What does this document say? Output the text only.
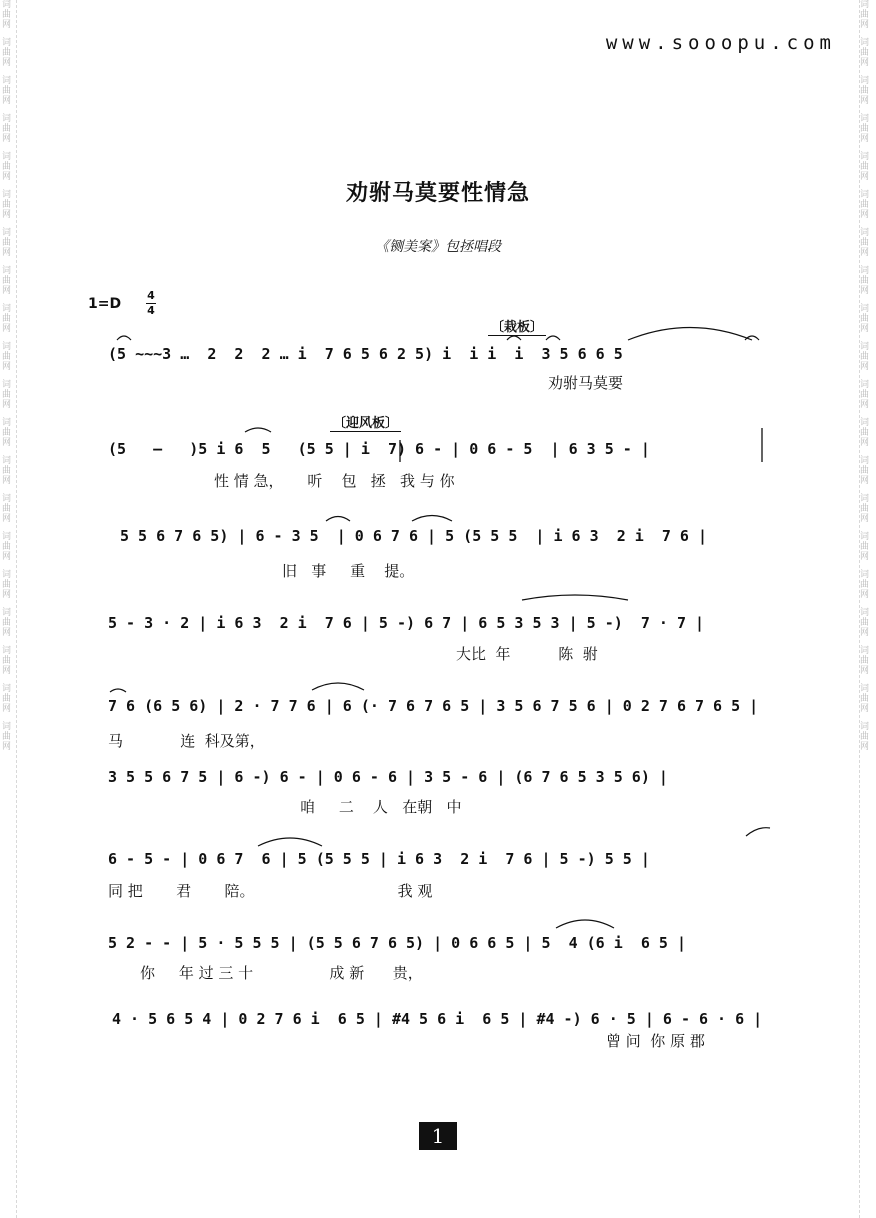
词曲网
词曲网
词曲网
词曲网
词曲网
词曲网
词曲网
词曲网
词曲网
词曲网
词曲网
词曲网
词曲网
词曲网
词曲网
词曲网
词曲网
词曲网
词曲网
词曲网
词曲网
词曲网
词曲网
词曲网
词曲网
词曲网
词曲网
词曲网
词曲网
词曲网
词曲网
词曲网
词曲网
词曲网
词曲网
词曲网
词曲网
词曲网
词曲网
词曲网
www.sooopu.com
劝驸马莫要性情急
《铡美案》包拯唱段
1=D
4
4
〔栽板〕
〔迎风板〕
(5 ~~~3 …  2  2  2 … i  7 6 5 6 2 5) i  i i  i  3 5 6 6 5
劝驸马莫要
(5   —   )5 i 6  5   (5 5 | i  7) 6 - | 0 6 - 5  | 6 3 5 - |
性 情 急，     听    包   拯   我 与 你
5 5 6 7 6 5) | 6 - 3 5  | 0 6 7 6 | 5 (5 5 5  | i 6 3  2 i  7 6 |
旧   事     重    提。
5 - 3 · 2 | i 6 3  2 i  7 6 | 5 -) 6 7 | 6 5 3 5 3 | 5 -)  7 · 7 |
大比  年          陈  驸
7 6 (6 5 6) | 2 · 7 7 6 | 6 (· 7 6 7 6 5 | 3 5 6 7 5 6 | 0 2 7 6 7 6 5 |
马            连  科及第，
3 5 5 6 7 5 | 6 -) 6 - | 0 6 - 6 | 3 5 - 6 | (6 7 6 5 3 5 6) |
咱     二    人   在朝   中
6 - 5 - | 0 6 7  6 | 5 (5 5 5 | i 6 3  2 i  7 6 | 5 -) 5 5 |
同 把       君       陪。                              我 观
5 2 - - | 5 · 5 5 5 | (5 5 6 7 6 5) | 0 6 6 5 | 5  4 (6 i  6 5 |
你     年 过 三 十                成 新      贵，
4 · 5 6 5 4 | 0 2 7 6 i  6 5 | #4 5 6 i  6 5 | #4 -) 6 · 5 | 6 - 6 · 6 |
曾 问  你 原 郡
1
